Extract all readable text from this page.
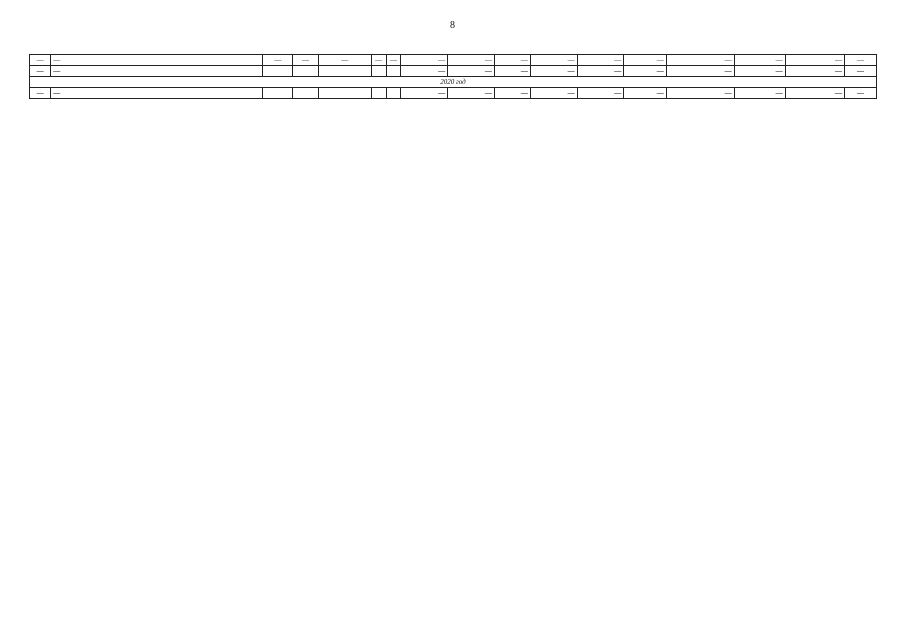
8
—	—	—	—	—	—	—	—	—	—	—	—	—	—	—	—	—
—	—						—	—	—	—	—	—	—	—	—	—
2020 год																
—	—						—	—	—	—	—	—	—	—	—	—
